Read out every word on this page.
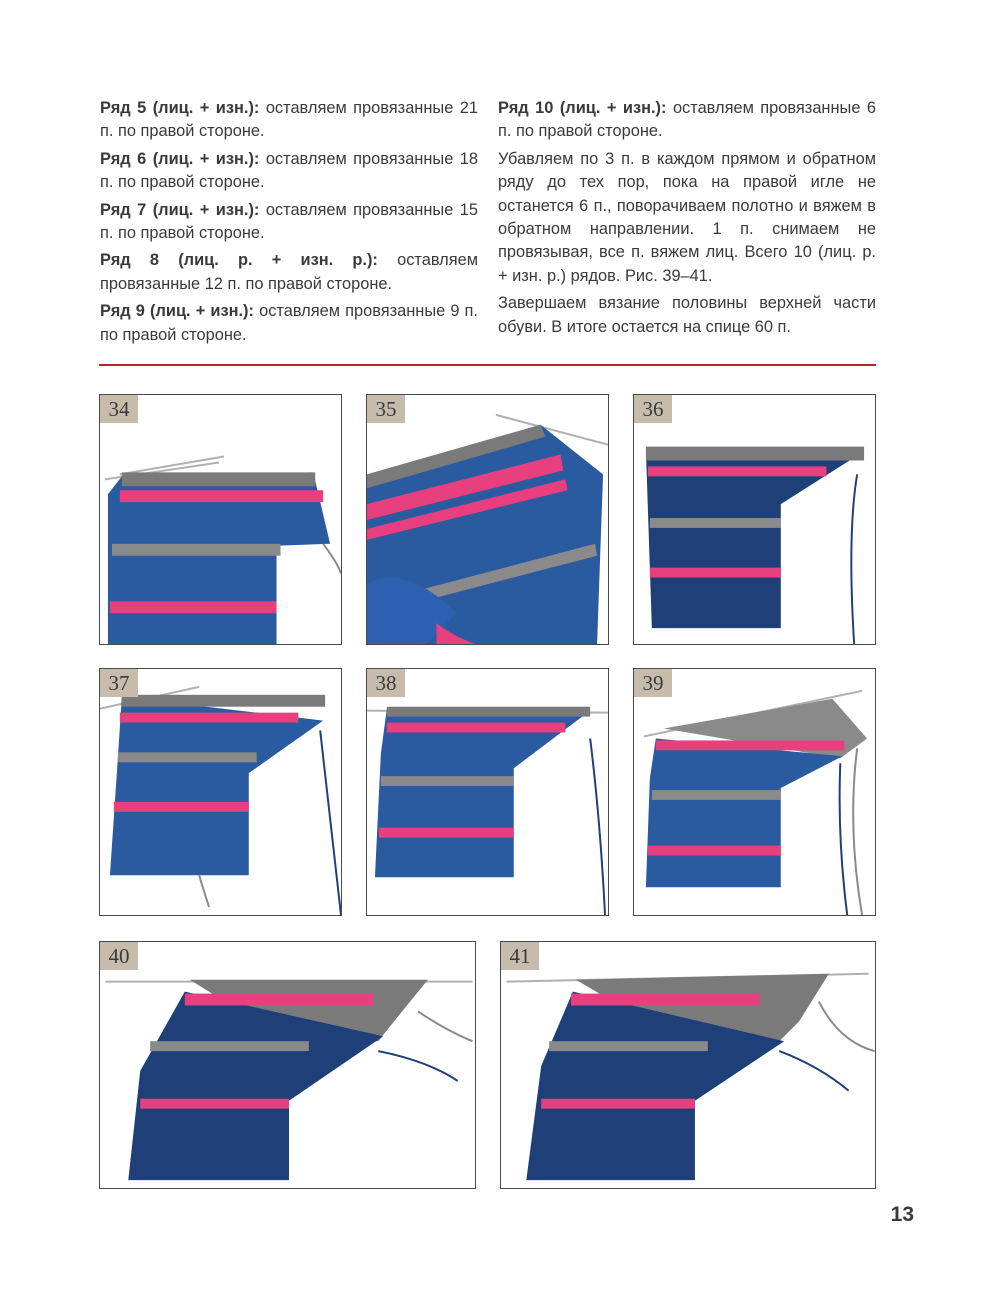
Ряд 5 (лиц. + изн.): оставляем провязанные 21 п. по правой стороне.

Ряд 6 (лиц. + изн.): оставляем провязанные 18 п. по правой стороне.

Ряд 7 (лиц. + изн.): оставляем провязанные 15 п. по правой стороне.

Ряд 8 (лиц. р. + изн. р.): оставляем провязанные 12 п. по правой стороне.

Ряд 9 (лиц. + изн.): оставляем провязанные 9 п. по правой стороне.

Ряд 10 (лиц. + изн.): оставляем провязанные 6 п. по правой стороне.

Убавляем по 3 п. в каждом прямом и обратном ряду до тех пор, пока на правой игле не останется 6 п., поворачиваем полотно и вяжем в обратном направлении. 1 п. снимаем не провязывая, все п. вяжем лиц. Всего 10 (лиц. р. + изн. р.) рядов. Рис. 39–41.

Завершаем вязание половины верхней части обуви. В итоге остается на спице 60 п.

34	35	36
37	38	39
40	41
13
